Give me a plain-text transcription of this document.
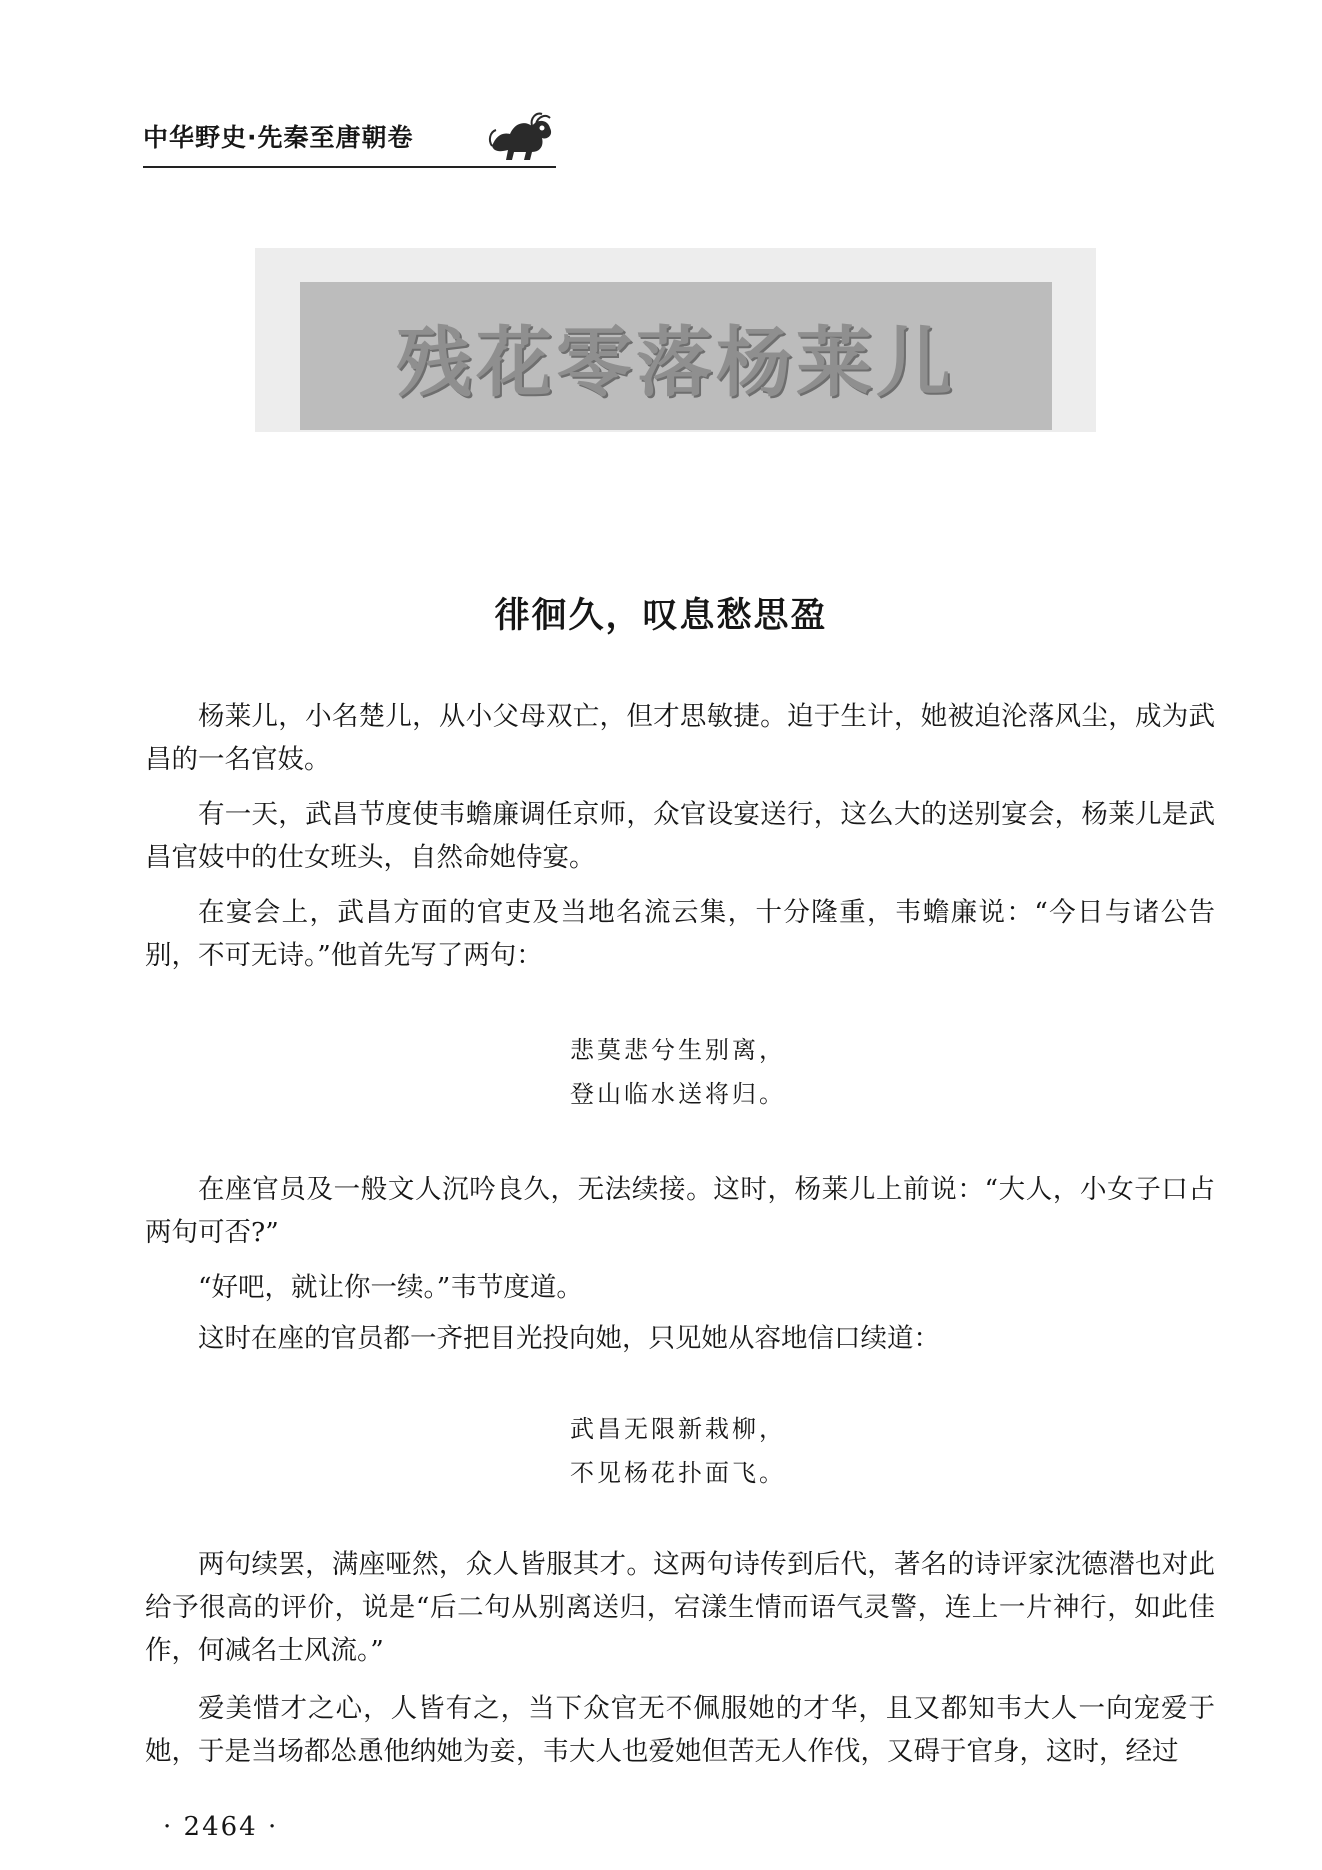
中华野史·先秦至唐朝卷
残花零落杨莱儿
徘徊久，叹息愁思盈

杨莱儿，小名楚儿，从小父母双亡，但才思敏捷。迫于生计，她被迫沦落风尘，成为武昌的一名官妓。

有一天，武昌节度使韦蟾廉调任京师，众官设宴送行，这么大的送别宴会，杨莱儿是武昌官妓中的仕女班头，自然命她侍宴。

在宴会上，武昌方面的官吏及当地名流云集，十分隆重，韦蟾廉说：“今日与诸公告别，不可无诗。”他首先写了两句：

悲莫悲兮生别离，
登山临水送将归。

在座官员及一般文人沉吟良久，无法续接。这时，杨莱儿上前说：“大人，小女子口占两句可否?”

“好吧，就让你一续。”韦节度道。

这时在座的官员都一齐把目光投向她，只见她从容地信口续道：

武昌无限新栽柳，
不见杨花扑面飞。

两句续罢，满座哑然，众人皆服其才。这两句诗传到后代，著名的诗评家沈德潜也对此给予很高的评价，说是“后二句从别离送归，宕漾生情而语气灵警，连上一片神行，如此佳作，何减名士风流。”

爱美惜才之心，人皆有之，当下众官无不佩服她的才华，且又都知韦大人一向宠爱于她，于是当场都怂恿他纳她为妾，韦大人也爱她但苦无人作伐，又碍于官身，这时，经过

· 2464 ·
